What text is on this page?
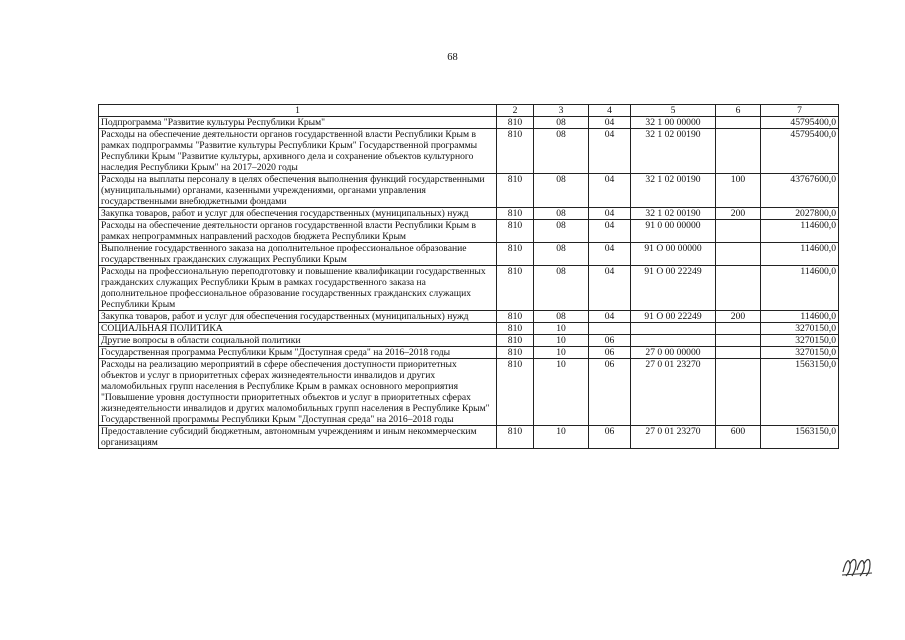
68
1	2	3	4	5	6	7
Подпрограмма "Развитие культуры Республики Крым"	810	08	04	32 1 00 00000		45795400,0
Расходы на обеспечение деятельности органов государственной власти Республики Крым в рамках подпрограммы "Развитие культуры Республики Крым" Государственной программы Республики Крым "Развитие культуры, архивного дела и сохранение объектов культурного наследия Республики Крым" на 2017–2020 годы	810	08	04	32 1 02 00190		45795400,0
Расходы на выплаты персоналу в целях обеспечения выполнения функций государственными (муниципальными) органами, казенными учреждениями, органами управления государственными внебюджетными фондами	810	08	04	32 1 02 00190	100	43767600,0
Закупка товаров, работ и услуг для обеспечения государственных (муниципальных) нужд	810	08	04	32 1 02 00190	200	2027800,0
Расходы на обеспечение деятельности органов государственной власти Республики Крым в рамках непрограммных направлений расходов бюджета Республики Крым	810	08	04	91 0 00 00000		114600,0
Выполнение государственного заказа на дополнительное профессиональное образование государственных гражданских служащих Республики Крым	810	08	04	91 О 00 00000		114600,0
Расходы на профессиональную переподготовку и повышение квалификации государственных гражданских служащих Республики Крым в рамках государственного заказа на дополнительное профессиональное образование государственных гражданских служащих Республики Крым	810	08	04	91 О 00 22249		114600,0
Закупка товаров, работ и услуг для обеспечения государственных (муниципальных) нужд	810	08	04	91 О 00 22249	200	114600,0
СОЦИАЛЬНАЯ ПОЛИТИКА	810	10				3270150,0
Другие вопросы в области социальной политики	810	10	06			3270150,0
Государственная программа Республики Крым "Доступная среда" на 2016–2018 годы	810	10	06	27 0 00 00000		3270150,0
Расходы на реализацию мероприятий в сфере обеспечения доступности приоритетных объектов и услуг в приоритетных сферах жизнедеятельности инвалидов и других маломобильных групп населения в Республике Крым в рамках основного мероприятия "Повышение уровня доступности приоритетных объектов и услуг в приоритетных сферах жизнедеятельности инвалидов и других маломобильных групп населения в Республике Крым" Государственной программы Республики Крым "Доступная среда" на 2016–2018 годы	810	10	06	27 0 01 23270		1563150,0
Предоставление субсидий бюджетным, автономным учреждениям и иным некоммерческим организациям	810	10	06	27 0 01 23270	600	1563150,0
